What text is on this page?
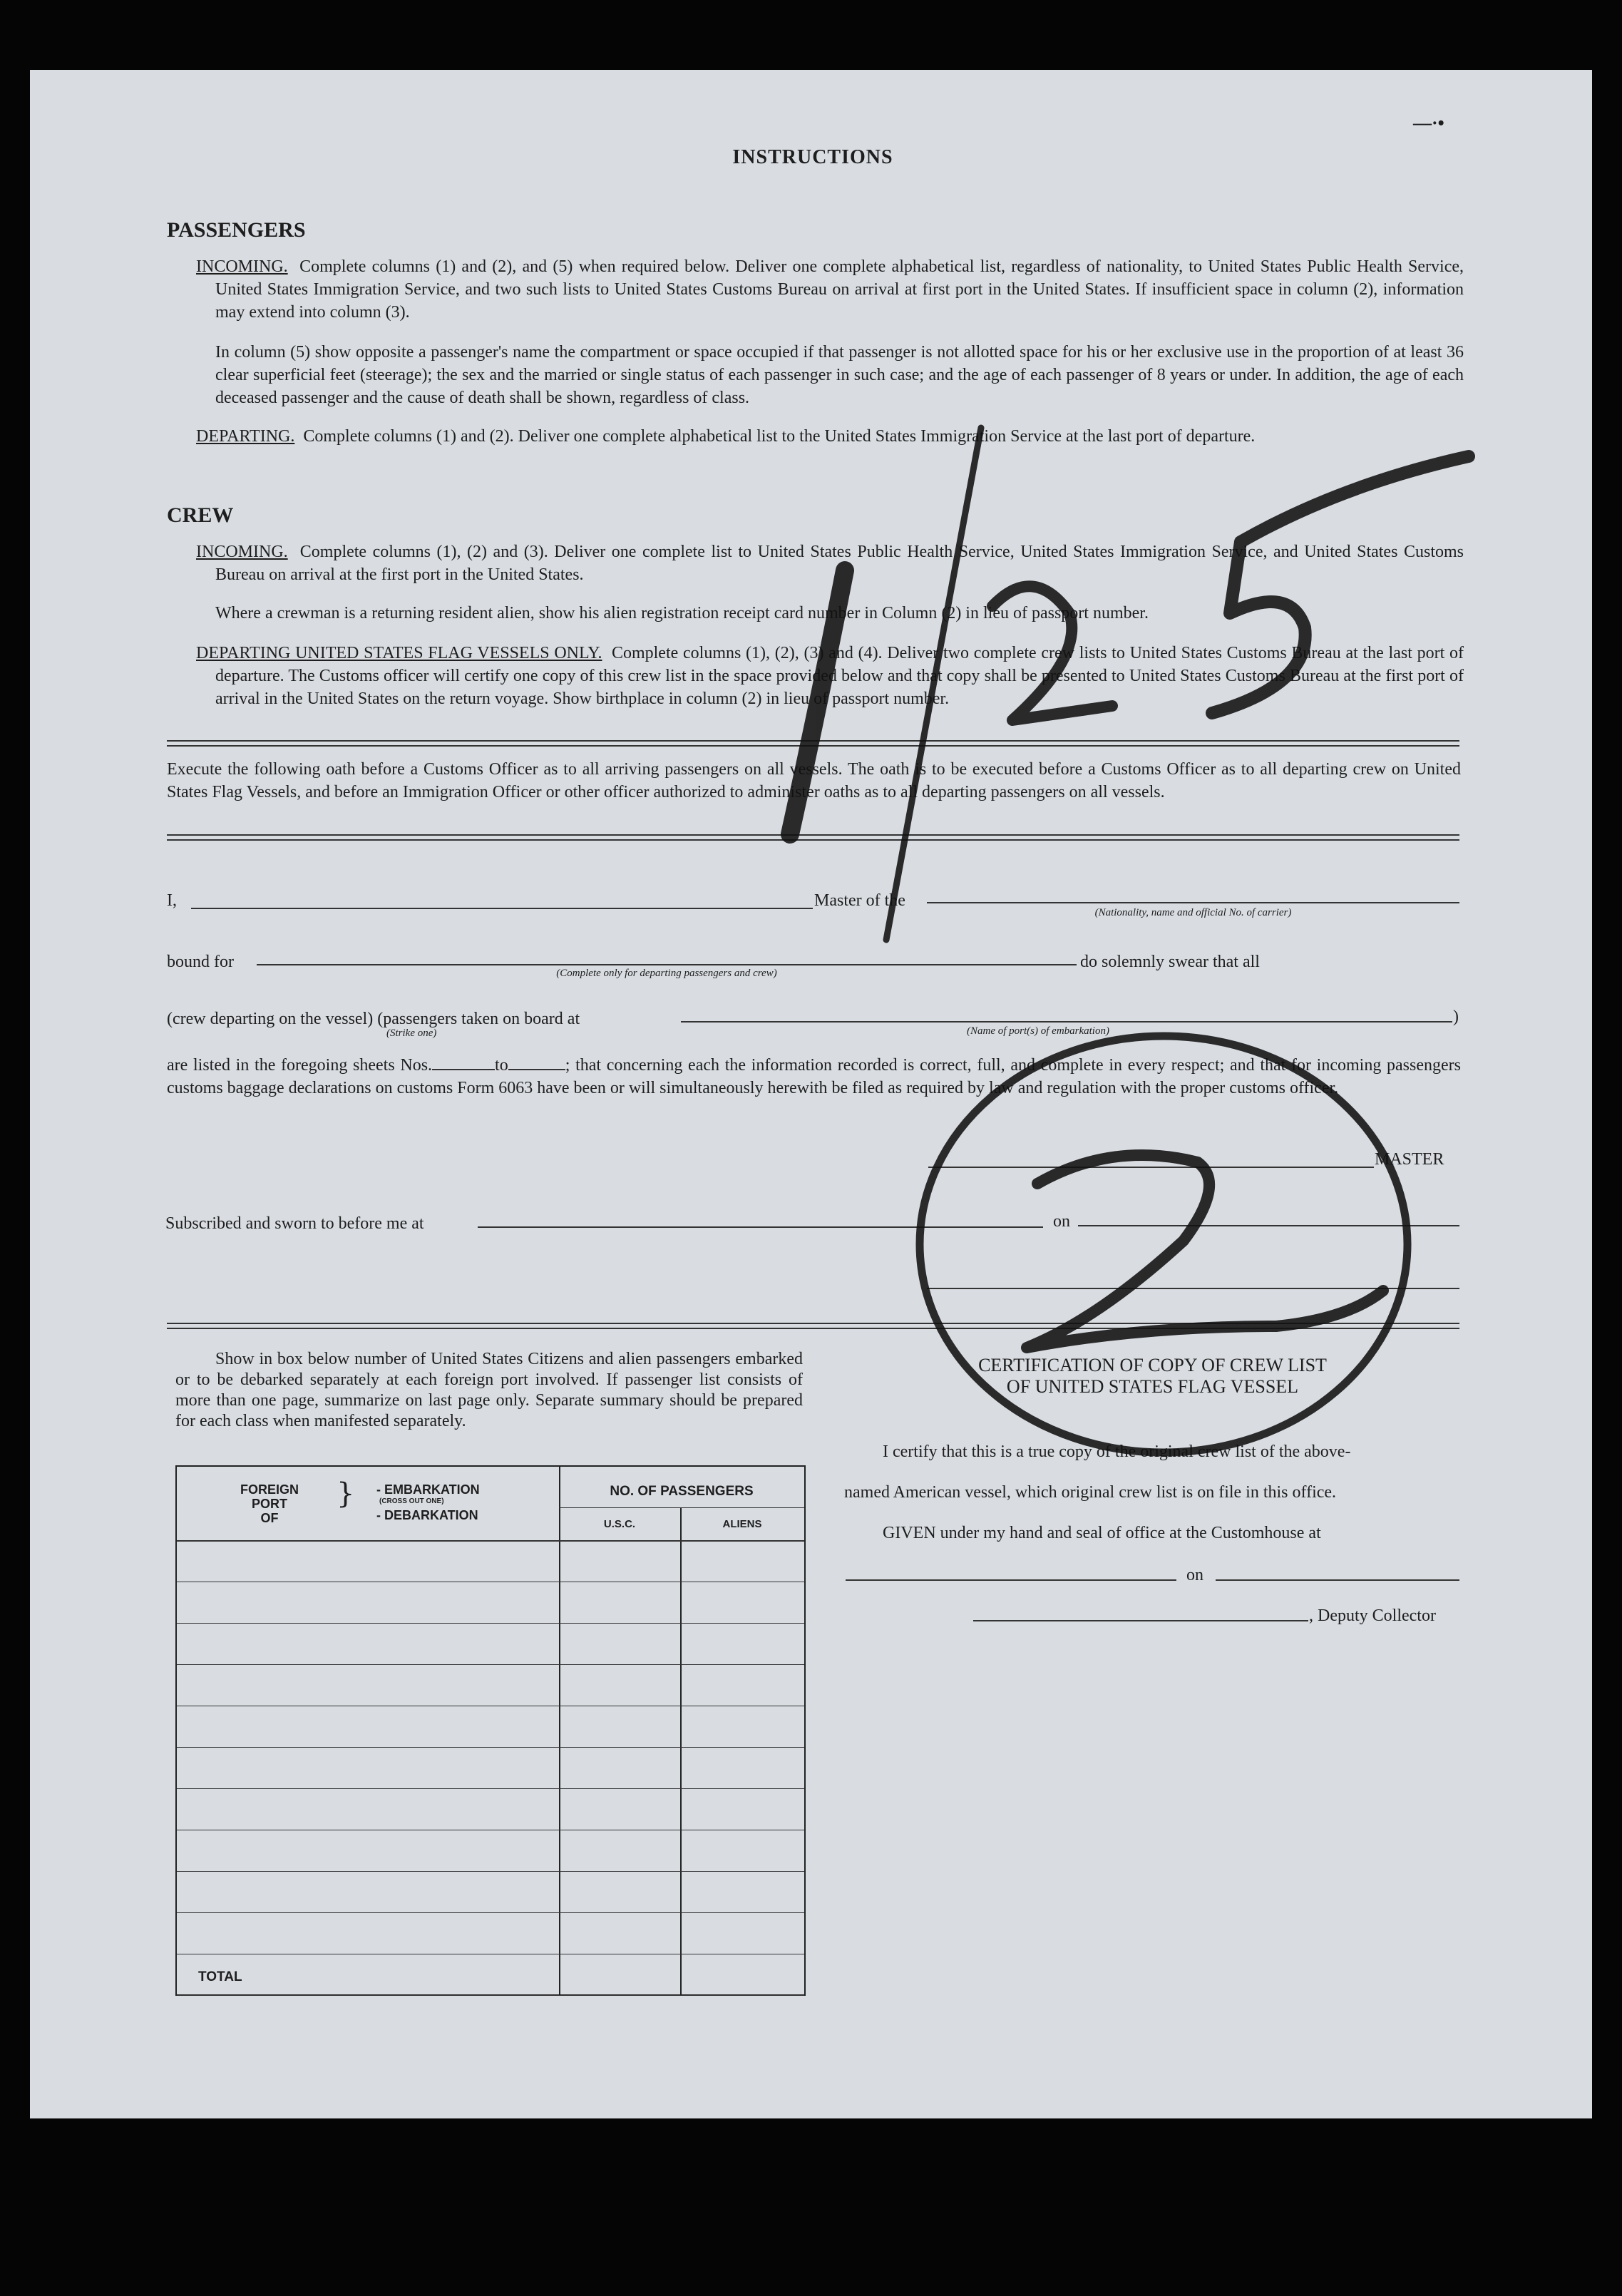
—·•
INSTRUCTIONS
PASSENGERS
INCOMING. Complete columns (1) and (2), and (5) when required below. Deliver one complete alphabetical list, regardless of nationality, to United States Public Health Service, United States Immigration Service, and two such lists to United States Customs Bureau on arrival at first port in the United States. If insufficient space in column (2), information may extend into column (3).
In column (5) show opposite a passenger's name the compartment or space occupied if that passenger is not allotted space for his or her exclusive use in the proportion of at least 36 clear superficial feet (steerage); the sex and the married or single status of each passenger in such case; and the age of each passenger of 8 years or under. In addition, the age of each deceased passenger and the cause of death shall be shown, regardless of class.
DEPARTING. Complete columns (1) and (2). Deliver one complete alphabetical list to the United States Immigration Service at the last port of departure.
CREW
INCOMING. Complete columns (1), (2) and (3). Deliver one complete list to United States Public Health Service, United States Immigration Service, and United States Customs Bureau on arrival at the first port in the United States.
Where a crewman is a returning resident alien, show his alien registration receipt card number in Column (2) in lieu of passport number.
DEPARTING UNITED STATES FLAG VESSELS ONLY. Complete columns (1), (2), (3) and (4). Deliver two complete crew lists to United States Customs Bureau at the last port of departure. The Customs officer will certify one copy of this crew list in the space provided below and that copy shall be presented to United States Customs Bureau at the first port of arrival in the United States on the return voyage. Show birthplace in column (2) in lieu of passport number.
Execute the following oath before a Customs Officer as to all arriving passengers on all vessels. The oath is to be executed before a Customs Officer as to all departing crew on United States Flag Vessels, and before an Immigration Officer or other officer authorized to administer oaths as to all departing passengers on all vessels.
I,	Master of the
(Nationality, name and official No. of carrier)
bound for
(Complete only for departing passengers and crew)
do solemnly swear that all
(crew departing on the vessel) (passengers taken on board at	)
(Strike one)	(Name of port(s) of embarkation)
are listed in the foregoing sheets Nos.	to	; that concerning each the information recorded is correct, full, and complete in every respect; and that for incoming passengers customs baggage declarations on customs Form 6063 have been or will simultaneously herewith be filed as required by law and regulation with the proper customs officer.
MASTER
Subscribed and sworn to before me at	on
Show in box below number of United States Citizens and alien passengers embarked or to be debarked separately at each foreign port involved. If passenger list consists of more than one page, summarize on last page only. Separate summary should be prepared for each class when manifested separately.
FOREIGN
PORT
OF
} - EMBARKATION
(CROSS OUT ONE)
- DEBARKATION
NO. OF PASSENGERS
U.S.C.	ALIENS
TOTAL
CERTIFICATION OF COPY OF CREW LIST
OF UNITED STATES FLAG VESSEL
I certify that this is a true copy of the original crew list of the above-
named American vessel, which original crew list is on file in this office.
GIVEN under my hand and seal of office at the Customhouse at
on
, Deputy Collector
